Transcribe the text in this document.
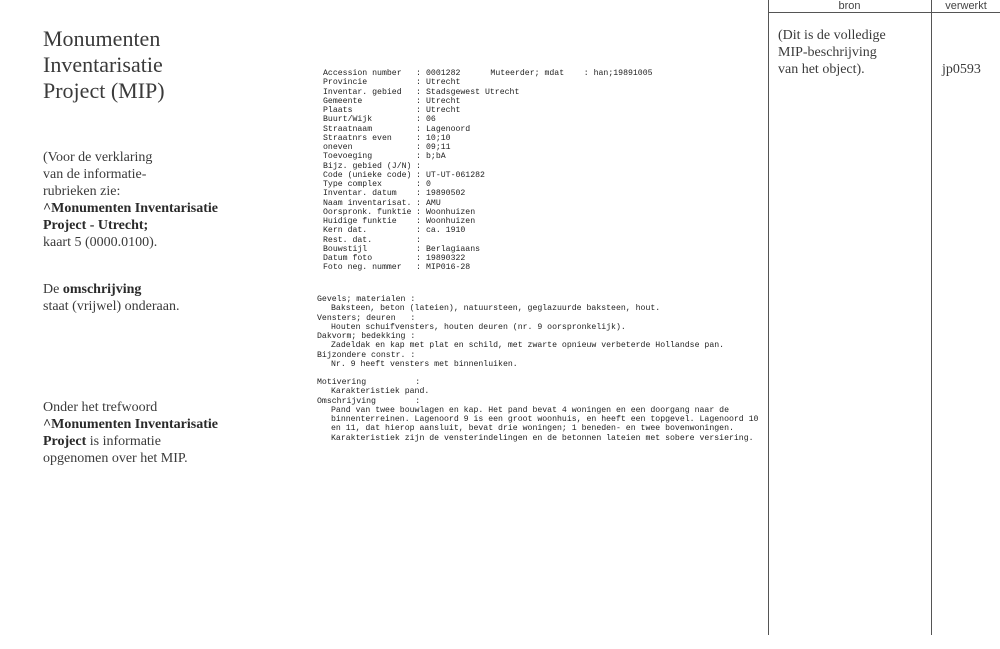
Monumenten
Inventarisatie
Project (MIP)
(Voor de verklaring
van de informatie-
rubrieken zie:
^Monumenten Inventarisatie
Project - Utrecht;
kaart 5 (0000.0100).
De omschrijving
staat (vrijwel) onderaan.
Onder het trefwoord
^Monumenten Inventarisatie
Project is informatie
opgenomen over het MIP.
Accession number	: 0001282	Muteerder; mdat    : han;19891005
Provincie	: Utrecht
Inventar. gebied	: Stadsgewest Utrecht
Gemeente	: Utrecht
Plaats	: Utrecht
Buurt/Wijk	: 06
Straatnaam	: Lagenoord
Straatnrs even	: 10;10
oneven	: 09;11
Toevoeging	: b;bA
Bijz. gebied (J/N) :
Code (unieke code) : UT-UT-061282
Type complex	: 0
Inventar. datum	: 19890502
Naam inventarisat. : AMU
Oorspronk. funktie : Woonhuizen
Huidige funktie	: Woonhuizen
Kern dat.	: ca. 1910
Rest. dat.	:
Bouwstijl	: Berlagiaans
Datum foto	: 19890322
Foto neg. nummer	: MIP016-28
Gevels; materialen :
Baksteen, beton (lateien), natuursteen, geglazuurde baksteen, hout.
Vensters; deuren   :
Houten schuifvensters, houten deuren (nr. 9 oorspronkelijk).
Dakvorm; bedekking :
Zadeldak en kap met plat en schild, met zwarte opnieuw verbeterde Hollandse pan.
Bijzondere constr. :
Nr. 9 heeft vensters met binnenluiken.
Motivering          :
Karakteristiek pand.
Omschrijving        :
Pand van twee bouwlagen en kap. Het pand bevat 4 woningen en een doorgang naar de binnenterreinen. Lagenoord 9 is een groot woonhuis, en heeft een topgevel. Lagenoord 10 en 11, dat hierop aansluit, bevat drie woningen; 1 beneden- en twee bovenwoningen. Karakteristiek zijn de vensterindelingen en de betonnen lateien met sobere versiering.
bron	verwerkt
(Dit is de volledige
MIP-beschrijving
van het object).	jp0593
